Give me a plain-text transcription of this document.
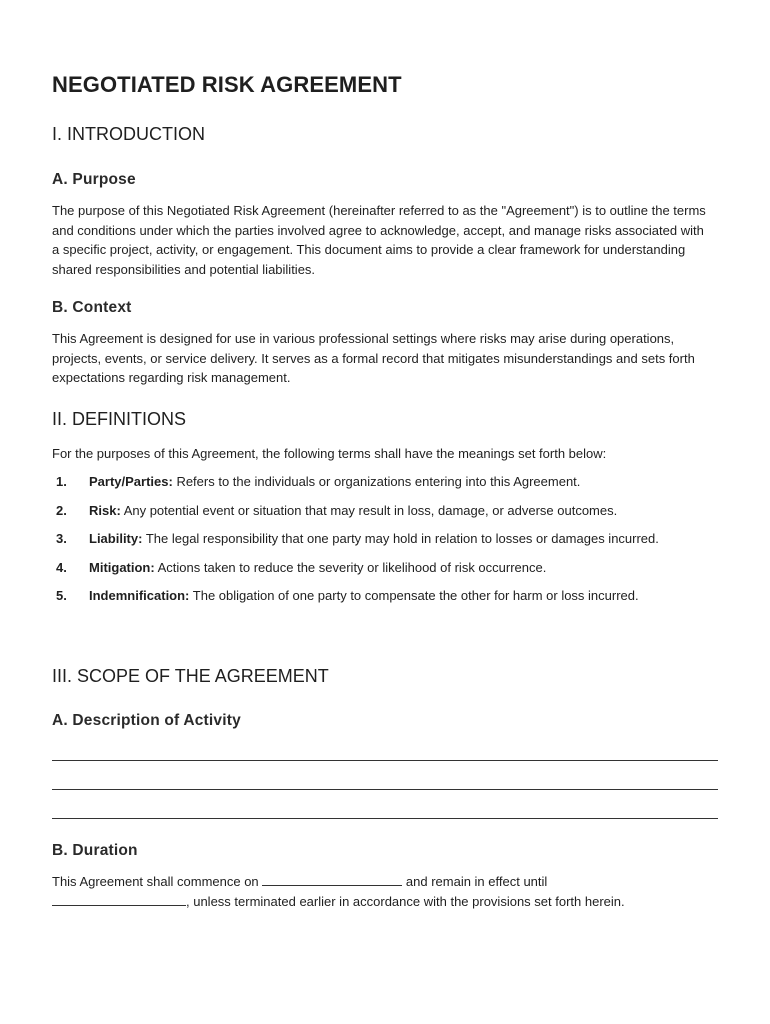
NEGOTIATED RISK AGREEMENT
I. INTRODUCTION
A. Purpose

The purpose of this Negotiated Risk Agreement (hereinafter referred to as the "Agreement") is to outline the terms and conditions under which the parties involved agree to acknowledge, accept, and manage risks associated with a specific project, activity, or engagement. This document aims to provide a clear framework for understanding shared responsibilities and potential liabilities.

B. Context

This Agreement is designed for use in various professional settings where risks may arise during operations, projects, events, or service delivery. It serves as a formal record that mitigates misunderstandings and sets forth expectations regarding risk management.

II. DEFINITIONS

For the purposes of this Agreement, the following terms shall have the meanings set forth below:

1. Party/Parties: Refers to the individuals or organizations entering into this Agreement.
2. Risk: Any potential event or situation that may result in loss, damage, or adverse outcomes.
3. Liability: The legal responsibility that one party may hold in relation to losses or damages incurred.
4. Mitigation: Actions taken to reduce the severity or likelihood of risk occurrence.
5. Indemnification: The obligation of one party to compensate the other for harm or loss incurred.
III. SCOPE OF THE AGREEMENT
A. Description of Activity
B. Duration

This Agreement shall commence on	and remain in effect until
, unless terminated earlier in accordance with the provisions set forth herein.
